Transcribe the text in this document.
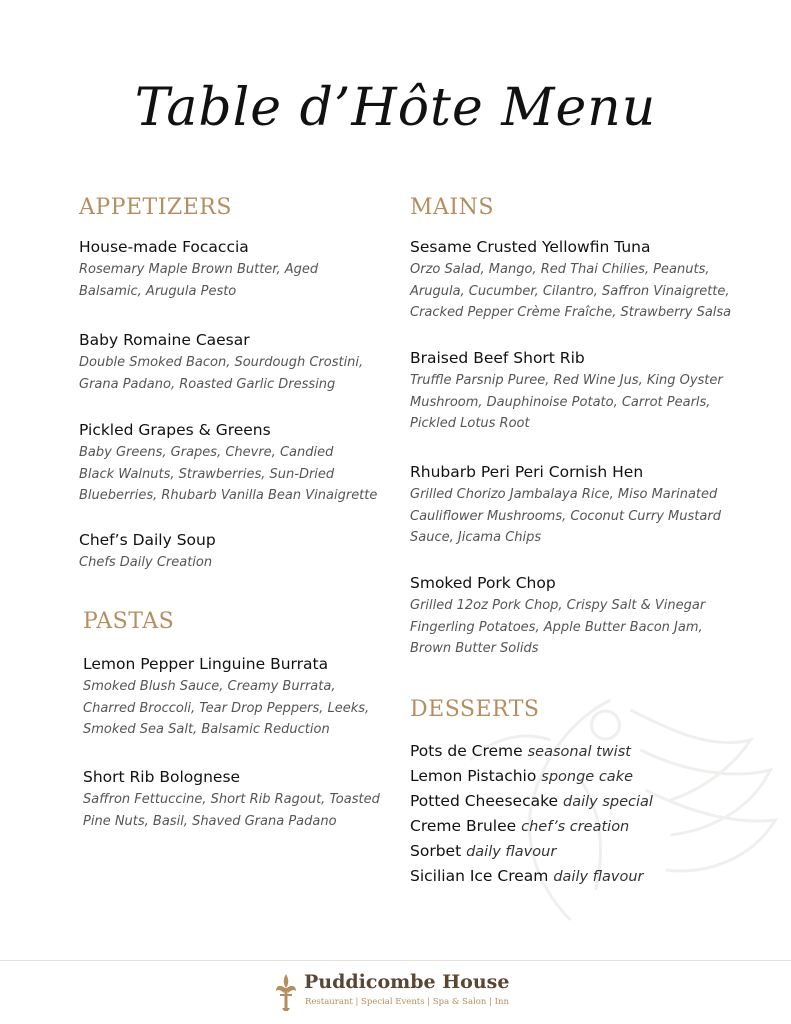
Table d’Hôte Menu
APPETIZERS
House-made Focaccia
Rosemary Maple Brown Butter, Aged
Balsamic, Arugula Pesto
Baby Romaine Caesar
Double Smoked Bacon, Sourdough Crostini,
Grana Padano, Roasted Garlic Dressing
Pickled Grapes & Greens
Baby Greens, Grapes, Chevre, Candied
Black Walnuts, Strawberries, Sun-Dried
Blueberries, Rhubarb Vanilla Bean Vinaigrette
Chef’s Daily Soup
Chefs Daily Creation
PASTAS
Lemon Pepper Linguine Burrata
Smoked Blush Sauce, Creamy Burrata,
Charred Broccoli, Tear Drop Peppers, Leeks,
Smoked Sea Salt, Balsamic Reduction
Short Rib Bolognese
Saffron Fettuccine, Short Rib Ragout, Toasted
Pine Nuts, Basil, Shaved Grana Padano
MAINS
Sesame Crusted Yellowfin Tuna
Orzo Salad, Mango, Red Thai Chilies, Peanuts,
Arugula, Cucumber, Cilantro, Saffron Vinaigrette,
Cracked Pepper Crème Fraîche, Strawberry Salsa
Braised Beef Short Rib
Truffle Parsnip Puree, Red Wine Jus, King Oyster
Mushroom, Dauphinoise Potato, Carrot Pearls,
Pickled Lotus Root
Rhubarb Peri Peri Cornish Hen
Grilled Chorizo Jambalaya Rice, Miso Marinated
Cauliflower Mushrooms, Coconut Curry Mustard
Sauce, Jicama Chips
Smoked Pork Chop
Grilled 12oz Pork Chop, Crispy Salt & Vinegar
Fingerling Potatoes, Apple Butter Bacon Jam,
Brown Butter Solids
DESSERTS
Pots de Creme seasonal twist
Lemon Pistachio sponge cake
Potted Cheesecake daily special
Creme Brulee chef’s creation
Sorbet daily flavour
Sicilian Ice Cream daily flavour
Puddicombe House
Restaurant | Special Events | Spa & Salon | Inn
